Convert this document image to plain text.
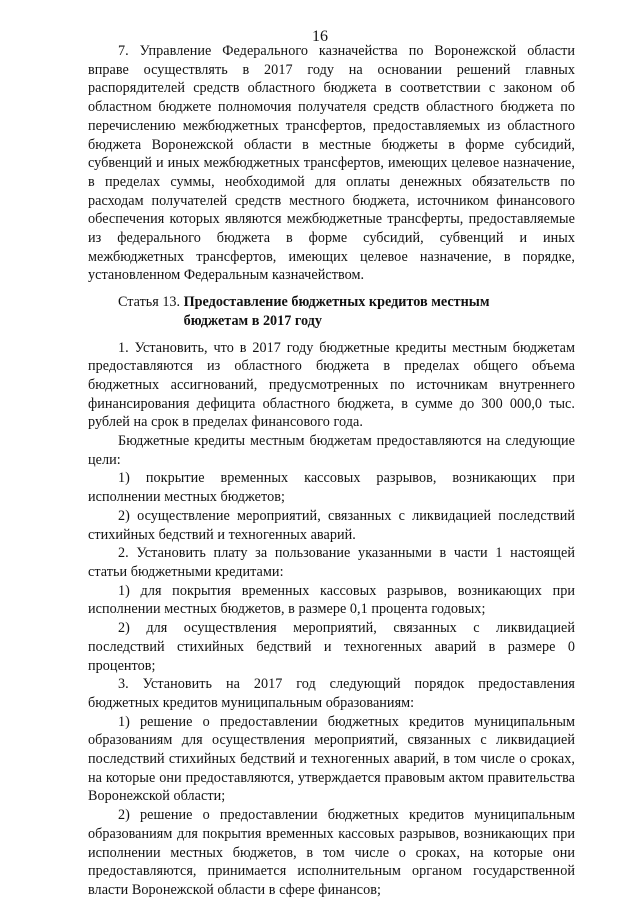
16

7. Управление Федерального казначейства по Воронежской области вправе осуществлять в 2017 году на основании решений главных распорядителей средств областного бюджета в соответствии с законом об областном бюджете полномочия получателя средств областного бюджета по перечислению межбюджетных трансфертов, предоставляемых из областного бюджета Воронежской области в местные бюджеты в форме субсидий, субвенций и иных межбюджетных трансфертов, имеющих целевое назначение, в пределах суммы, необходимой для оплаты денежных обязательств по расходам получателей средств местного бюджета, источником финансового обеспечения которых являются межбюджетные трансферты, предоставляемые из федерального бюджета в форме субсидий, субвенций и иных межбюджетных трансфертов, имеющих целевое назначение, в порядке, установленном Федеральным казначейством.

Статья 13. Предоставление бюджетных кредитов местным
бюджетам в 2017 году

1. Установить, что в 2017 году бюджетные кредиты местным бюджетам предоставляются из областного бюджета в пределах общего объема бюджетных ассигнований, предусмотренных по источникам внутреннего финансирования дефицита областного бюджета, в сумме до 300 000,0 тыс. рублей на срок в пределах финансового года.

Бюджетные кредиты местным бюджетам предоставляются на следующие цели:

1) покрытие временных кассовых разрывов, возникающих при исполнении местных бюджетов;

2) осуществление мероприятий, связанных с ликвидацией последствий стихийных бедствий и техногенных аварий.

2. Установить плату за пользование указанными в части 1 настоящей статьи бюджетными кредитами:

1) для покрытия временных кассовых разрывов, возникающих при исполнении местных бюджетов, в размере 0,1 процента годовых;

2) для осуществления мероприятий, связанных с ликвидацией последствий стихийных бедствий и техногенных аварий в размере 0 процентов;

3. Установить на 2017 год следующий порядок предоставления бюджетных кредитов муниципальным образованиям:

1) решение о предоставлении бюджетных кредитов муниципальным образованиям для осуществления мероприятий, связанных с ликвидацией последствий стихийных бедствий и техногенных аварий, в том числе о сроках, на которые они предоставляются, утверждается правовым актом правительства Воронежской области;

2) решение о предоставлении бюджетных кредитов муниципальным образованиям для покрытия временных кассовых разрывов, возникающих при исполнении местных бюджетов, в том числе о сроках, на которые они предоставляются, принимается исполнительным органом государственной власти Воронежской области в сфере финансов;
